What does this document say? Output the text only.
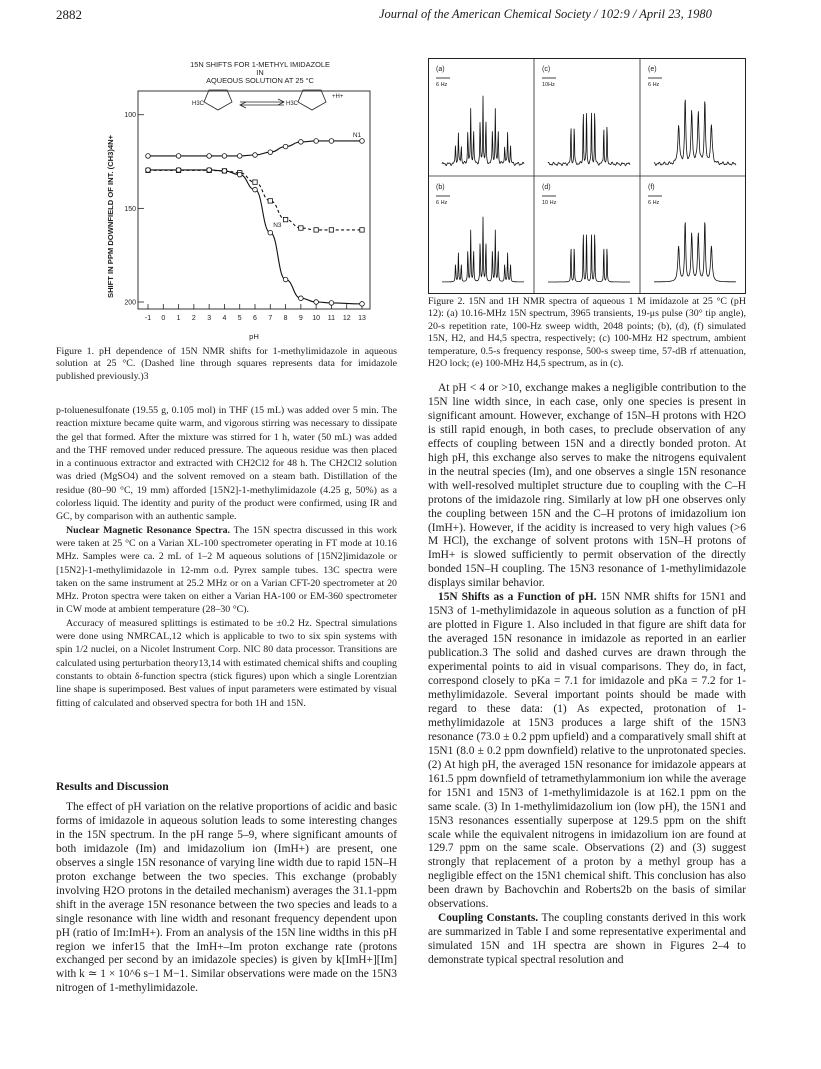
2882	Journal of the American Chemical Society / 102:9 / April 23, 1980
15N SHIFTS FOR 1-METHYL IMIDAZOLE
IN
AQUEOUS SOLUTION AT 25 °C
H3C	H3C
+H+
SHIFT IN PPM DOWNFIELD OF INT. (CH3)4N+
pH
-1 0 1 2 3 4 5 6 7 8 9 10 11 12 13
100
150
200
N1
N3
Figure 1. pH dependence of 15N NMR shifts for 1-methylimidazole in aqueous solution at 25 °C. (Dashed line through squares represents data for imidazole published previously.)3
(a)
6 Hz
(c)
10Hz
(e)
6 Hz
(b)
6 Hz
(d)
10 Hz
(f)
6 Hz
Figure 2. 15N and 1H NMR spectra of aqueous 1 M imidazole at 25 °C (pH 12): (a) 10.16-MHz 15N spectrum, 3965 transients, 19-μs pulse (30° tip angle), 20-s repetition rate, 100-Hz sweep width, 2048 points; (b), (d), (f) simulated 15N, H2, and H4,5 spectra, respectively; (c) 100-MHz H2 spectrum, ambient temperature, 0.5-s frequency response, 500-s sweep time, 57-dB rf attenuation, H2O lock; (e) 100-MHz H4,5 spectrum, as in (c).

p-toluenesulfonate (19.55 g, 0.105 mol) in THF (15 mL) was added over 5 min. The reaction mixture became quite warm, and vigorous stirring was necessary to dissipate the gel that formed. After the mixture was stirred for 1 h, water (50 mL) was added and the THF removed under reduced pressure. The aqueous residue was then placed in a continuous extractor and extracted with CH2Cl2 for 48 h. The CH2Cl2 solution was dried (MgSO4) and the solvent removed on a steam bath. Distillation of the residue (80–90 °C, 19 mm) afforded [15N2]-1-methylimidazole (4.25 g, 50%) as a colorless liquid. The identity and purity of the product were confirmed, using IR and GC, by comparison with an authentic sample.

Nuclear Magnetic Resonance Spectra. The 15N spectra discussed in this work were taken at 25 °C on a Varian XL-100 spectrometer operating in FT mode at 10.16 MHz. Samples were ca. 2 mL of 1–2 M aqueous solutions of [15N2]imidazole or [15N2]-1-methylimidazole in 12-mm o.d. Pyrex sample tubes. 13C spectra were taken on the same instrument at 25.2 MHz or on a Varian CFT-20 spectrometer at 20 MHz. Proton spectra were taken on either a Varian HA-100 or EM-360 spectrometer in CW mode at ambient temperature (28–30 °C).

Accuracy of measured splittings is estimated to be ±0.2 Hz. Spectral simulations were done using NMRCAL,12 which is applicable to two to six spin systems with spin 1/2 nuclei, on a Nicolet Instrument Corp. NIC 80 data processor. Transitions are calculated using perturbation theory13,14 with estimated chemical shifts and coupling constants to obtain δ-function spectra (stick figures) upon which a single Lorentzian line shape is superimposed. Best values of input parameters were estimated by visual fitting of calculated and observed spectra for both 1H and 15N.

Results and Discussion

The effect of pH variation on the relative proportions of acidic and basic forms of imidazole in aqueous solution leads to some interesting changes in the 15N spectrum. In the pH range 5–9, where significant amounts of both imidazole (Im) and imidazolium ion (ImH+) are present, one observes a single 15N resonance of varying line width due to rapid 15N–H proton exchange between the two species. This exchange (probably involving H2O protons in the detailed mechanism) averages the 31.1-ppm shift in the average 15N resonance between the two species and leads to a single resonance with line width and resonant frequency dependent upon pH (ratio of Im:ImH+). From an analysis of the 15N line widths in this pH region we infer15 that the ImH+–Im proton exchange rate (protons exchanged per second by an imidazole species) is given by k[ImH+][Im] with k ≃ 1 × 10^6 s−1 M−1. Similar observations were made on the 15N3 nitrogen of 1-methylimidazole.

At pH < 4 or >10, exchange makes a negligible contribution to the 15N line width since, in each case, only one species is present in significant amount. However, exchange of 15N–H protons with H2O is still rapid enough, in both cases, to preclude observation of any effects of coupling between 15N and a directly bonded proton. At high pH, this exchange also serves to make the nitrogens equivalent in the neutral species (Im), and one observes a single 15N resonance with well-resolved multiplet structure due to coupling with the C–H protons of the imidazole ring. Similarly at low pH one observes only the coupling between 15N and the C–H protons of imidazolium ion (ImH+). However, if the acidity is increased to very high values (>6 M HCl), the exchange of solvent protons with 15N–H protons of ImH+ is slowed sufficiently to permit observation of the directly bonded 15N–H coupling. The 15N3 resonance of 1-methylimidazole displays similar behavior.

15N Shifts as a Function of pH. 15N NMR shifts for 15N1 and 15N3 of 1-methylimidazole in aqueous solution as a function of pH are plotted in Figure 1. Also included in that figure are shift data for the averaged 15N resonance in imidazole as reported in an earlier publication.3 The solid and dashed curves are drawn through the experimental points to aid in visual comparisons. They do, in fact, correspond closely to pKa = 7.1 for imidazole and pKa = 7.2 for 1-methylimidazole. Several important points should be made with regard to these data: (1) As expected, protonation of 1-methylimidazole at 15N3 produces a large shift of the 15N3 resonance (73.0 ± 0.2 ppm upfield) and a comparatively small shift at 15N1 (8.0 ± 0.2 ppm downfield) relative to the unprotonated species. (2) At high pH, the averaged 15N resonance for imidazole appears at 161.5 ppm downfield of tetramethylammonium ion while the average for 15N1 and 15N3 of 1-methylimidazole is at 162.1 ppm on the same scale. (3) In 1-methylimidazolium ion (low pH), the 15N1 and 15N3 resonances essentially superpose at 129.5 ppm on the shift scale while the equivalent nitrogens in imidazolium ion are found at 129.7 ppm on the same scale. Observations (2) and (3) suggest strongly that replacement of a proton by a methyl group has a negligible effect on the 15N1 chemical shift. This conclusion has also been drawn by Bachovchin and Roberts2b on the basis of similar observations.

Coupling Constants. The coupling constants derived in this work are summarized in Table I and some representative experimental and simulated 15N and 1H spectra are shown in Figures 2–4 to demonstrate typical spectral resolution and
